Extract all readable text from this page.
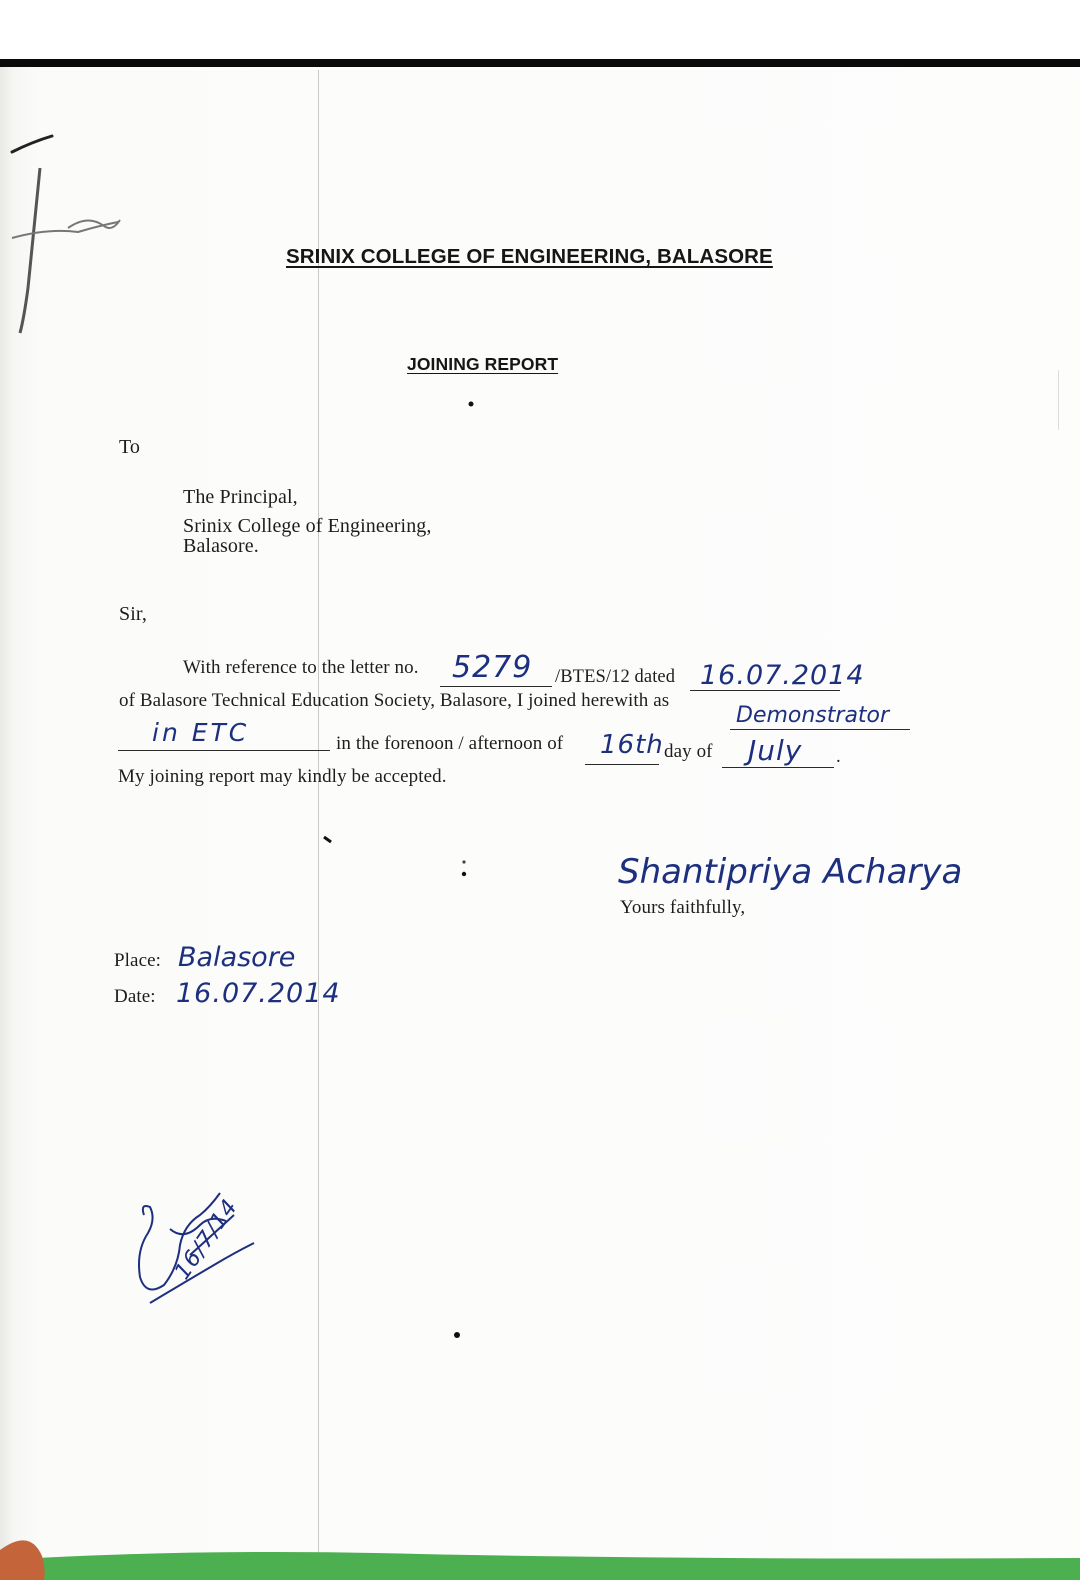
SRINIX COLLEGE OF ENGINEERING, BALASORE
JOINING REPORT
To
The Principal,
Srinix College of Engineering,
Balasore.
Sir,
With reference to the letter no. 5279 /BTES/12 dated 16.07.2014
of Balasore Technical Education Society, Balasore, I joined herewith as
Demonstrator
in ETC	in the forenoon / afternoon of 16th day of July .
My joining report may kindly be accepted.
Shantipriya Acharya
Yours faithfully,
Place: Balasore
Date: 16.07.2014
16/7/14
